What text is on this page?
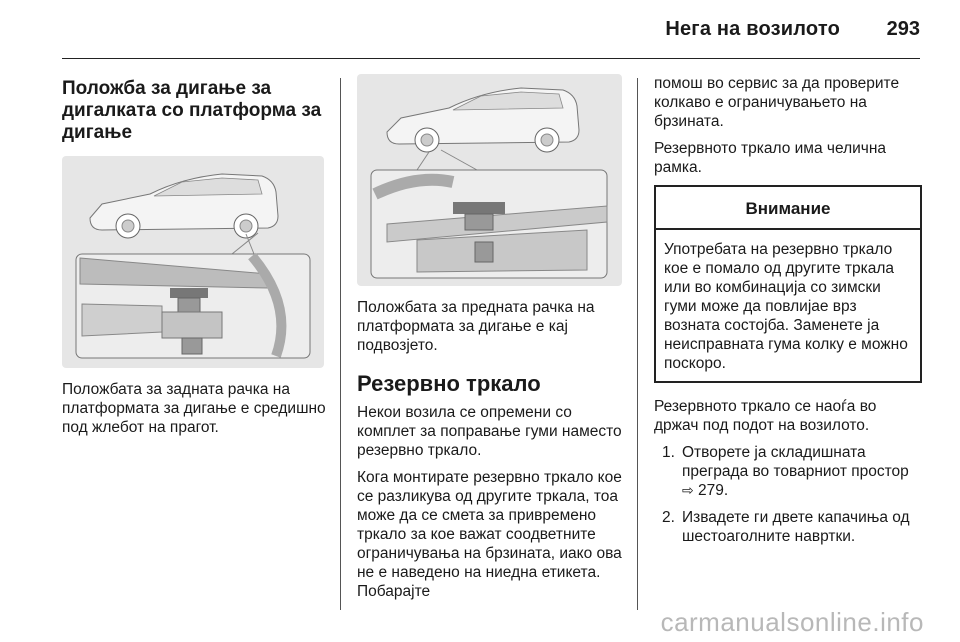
Нега на возилото 293
Положба за дигање за дигалката со платформа за дигање
Положбата за задната рачка на платформата за дигање е средишно под жлебот на прагот.
Положбата за предната рачка на платформата за дигање е кај подвозјето.
Резервно тркало

Некои возила се опремени со комплет за поправање гуми наместо резервно тркало.

Кога монтирате резервно тркало кое се разликува од другите тркала, тоа може да се смета за привремено тркало за кое важат соодветните ограничувања на брзината, иако ова не е наведено на ниедна етикета. Побарајте

помош во сервис за да проверите колкаво е ограничувањето на брзината.

Резервното тркало има челична рамка.

Внимание
Употребата на резервно тркало кое е помало од другите тркала или во комбинација со зимски гуми може да повлијае врз возната состојба. Заменете ја неисправната гума колку е можно поскоро.

Резервното тркало се наоѓа во држач под подот на возилото.

1. Отворете ја складишната преграда во товарниот простор
⇨ 279.
2. Извадете ги двете капачиња од шестоаголните навртки.
carmanualsonline.info
